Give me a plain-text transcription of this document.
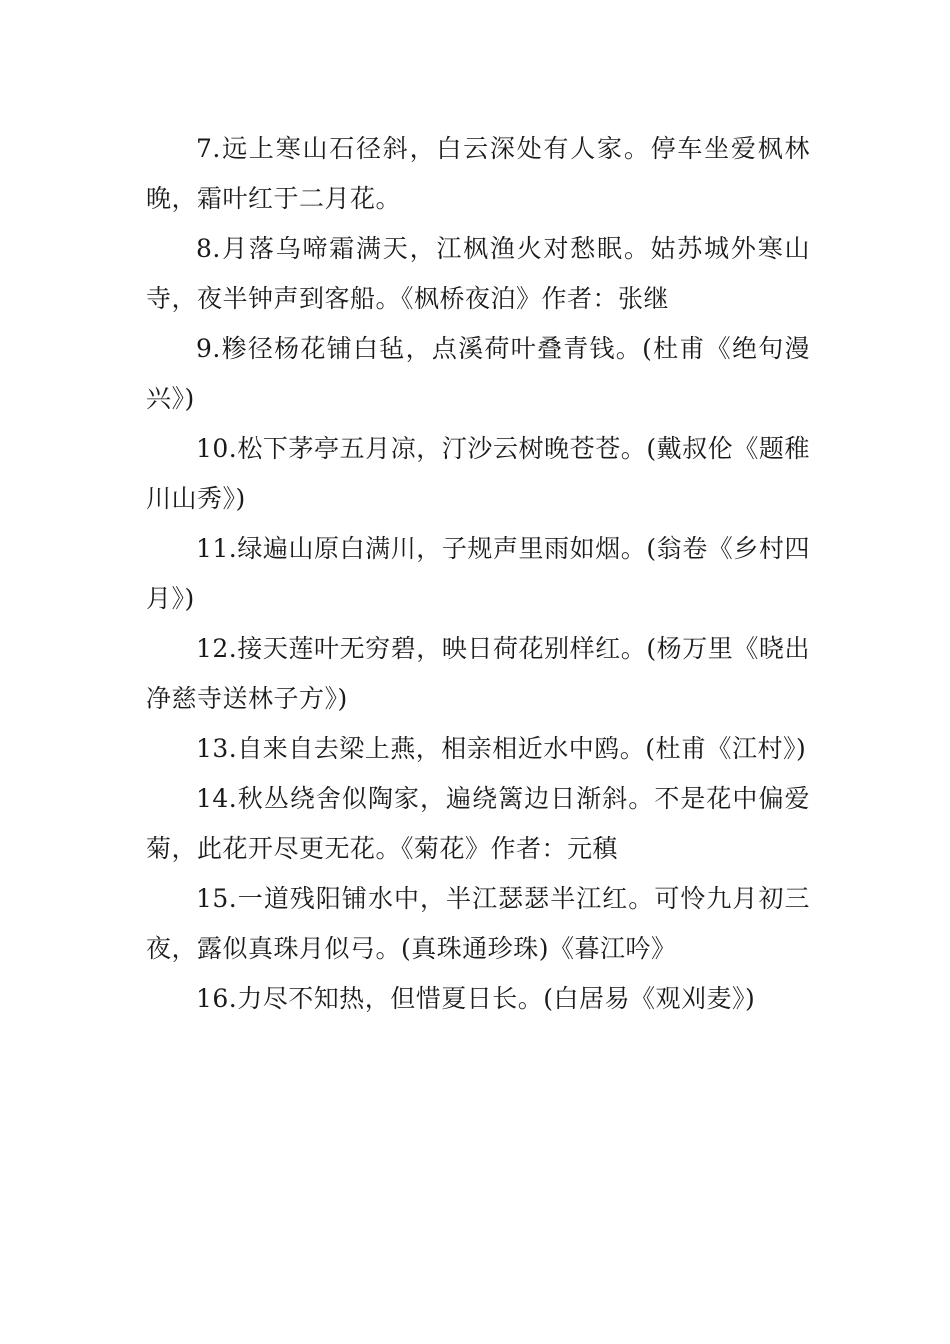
7.远上寒山石径斜，白云深处有人家。停车坐爱枫林晚，霜叶红于二月花。

8.月落乌啼霜满天，江枫渔火对愁眠。姑苏城外寒山寺，夜半钟声到客船。《枫桥夜泊》作者：张继

9.糁径杨花铺白毡，点溪荷叶叠青钱。(杜甫《绝句漫兴》)

10.松下茅亭五月凉，汀沙云树晚苍苍。(戴叔伦《题稚川山秀》)

11.绿遍山原白满川，子规声里雨如烟。(翁卷《乡村四月》)

12.接天莲叶无穷碧，映日荷花别样红。(杨万里《晓出净慈寺送林子方》)

13.自来自去梁上燕，相亲相近水中鸥。(杜甫《江村》)

14.秋丛绕舍似陶家，遍绕篱边日渐斜。不是花中偏爱菊，此花开尽更无花。《菊花》作者：元稹

15.一道残阳铺水中，半江瑟瑟半江红。可怜九月初三夜，露似真珠月似弓。(真珠通珍珠)《暮江吟》

16.力尽不知热，但惜夏日长。(白居易《观刈麦》)
